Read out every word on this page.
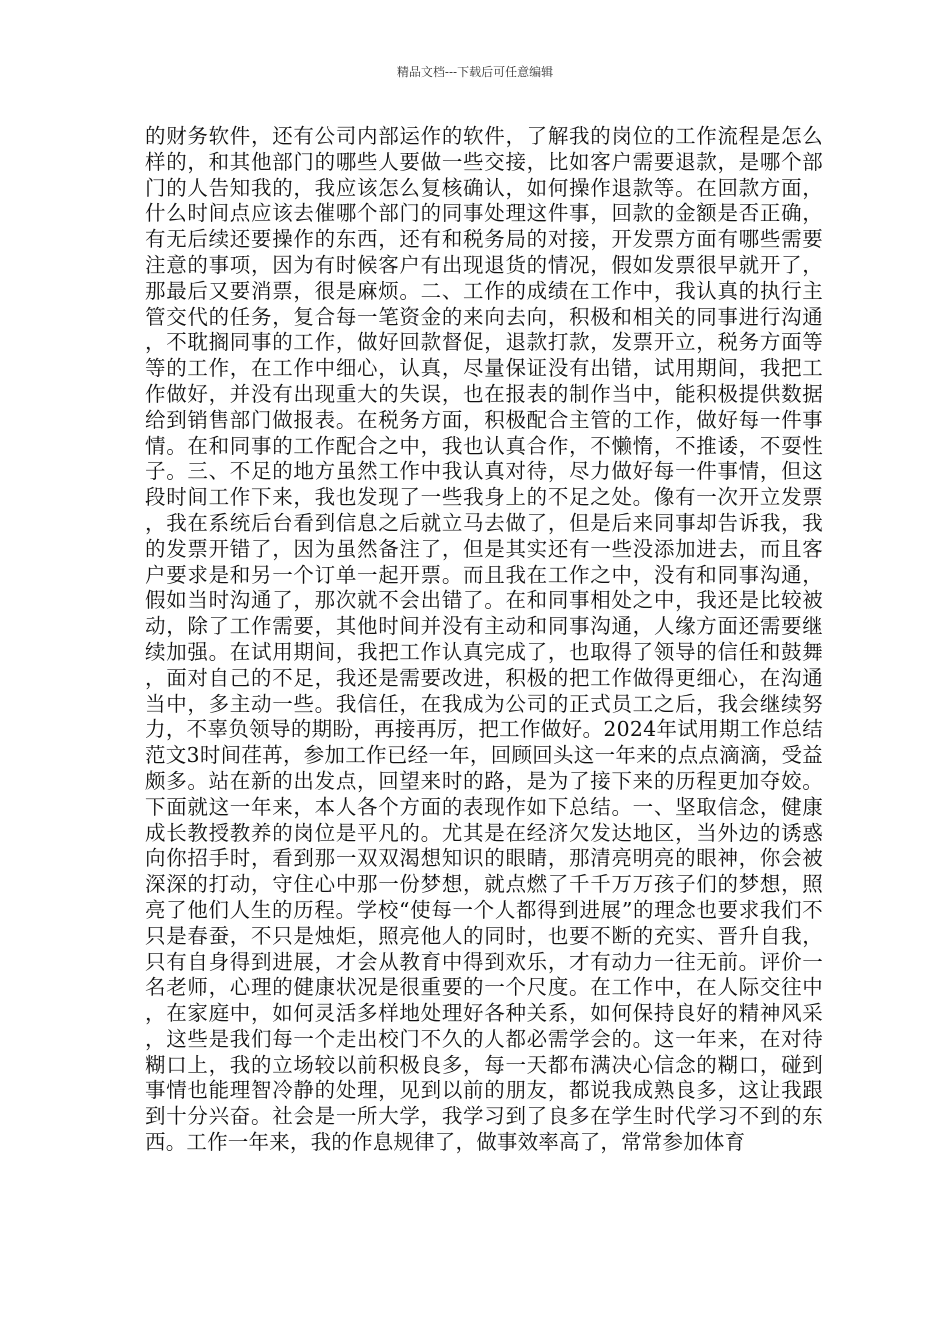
精品文档---下载后可任意编辑

的财务软件，还有公司内部运作的软件，了解我的岗位的工作流程是怎么样的，和其他部门的哪些人要做一些交接，比如客户需要退款，是哪个部门的人告知我的，我应该怎么复核确认，如何操作退款等。在回款方面，什么时间点应该去催哪个部门的同事处理这件事，回款的金额是否正确，有无后续还要操作的东西，还有和税务局的对接，开发票方面有哪些需要注意的事项，因为有时候客户有出现退货的情况，假如发票很早就开了，那最后又要消票，很是麻烦。二、工作的成绩在工作中，我认真的执行主管交代的任务，复合每一笔资金的来向去向，积极和相关的同事进行沟通，不耽搁同事的工作，做好回款督促，退款打款，发票开立，税务方面等等的工作，在工作中细心，认真，尽量保证没有出错，试用期间，我把工作做好，并没有出现重大的失误，也在报表的制作当中，能积极提供数据给到销售部门做报表。在税务方面，积极配合主管的工作，做好每一件事情。在和同事的工作配合之中，我也认真合作，不懒惰，不推诿，不耍性子。三、不足的地方虽然工作中我认真对待，尽力做好每一件事情，但这段时间工作下来，我也发现了一些我身上的不足之处。像有一次开立发票，我在系统后台看到信息之后就立马去做了，但是后来同事却告诉我，我的发票开错了，因为虽然备注了，但是其实还有一些没添加进去，而且客户要求是和另一个订单一起开票。而且我在工作之中，没有和同事沟通，假如当时沟通了，那次就不会出错了。在和同事相处之中，我还是比较被动，除了工作需要，其他时间并没有主动和同事沟通，人缘方面还需要继续加强。在试用期间，我把工作认真完成了，也取得了领导的信任和鼓舞，面对自己的不足，我还是需要改进，积极的把工作做得更细心，在沟通当中，多主动一些。我信任，在我成为公司的正式员工之后，我会继续努力，不辜负领导的期盼，再接再厉，把工作做好。2024年试用期工作总结范文3时间荏苒，参加工作已经一年，回顾回头这一年来的点点滴滴，受益颇多。站在新的出发点，回望来时的路，是为了接下来的历程更加夺姣。下面就这一年来，本人各个方面的表现作如下总结。一、坚取信念，健康成长教授教养的岗位是平凡的。尤其是在经济欠发达地区，当外边的诱惑向你招手时，看到那一双双渴想知识的眼睛，那清亮明亮的眼神，你会被深深的打动，守住心中那一份梦想，就点燃了千千万万孩子们的梦想，照亮了他们人生的历程。学校“使每一个人都得到进展”的理念也要求我们不只是春蚕，不只是烛炬，照亮他人的同时，也要不断的充实、晋升自我，只有自身得到进展，才会从教育中得到欢乐，才有动力一往无前。评价一名老师，心理的健康状况是很重要的一个尺度。在工作中，在人际交往中，在家庭中，如何灵活多样地处理好各种关系，如何保持良好的精神风采，这些是我们每一个走出校门不久的人都必需学会的。这一年来，在对待糊口上，我的立场较以前积极良多，每一天都布满决心信念的糊口，碰到事情也能理智冷静的处理，见到以前的朋友，都说我成熟良多，这让我跟到十分兴奋。社会是一所大学，我学习到了良多在学生时代学习不到的东西。工作一年来，我的作息规律了，做事效率高了，常常参加体育
